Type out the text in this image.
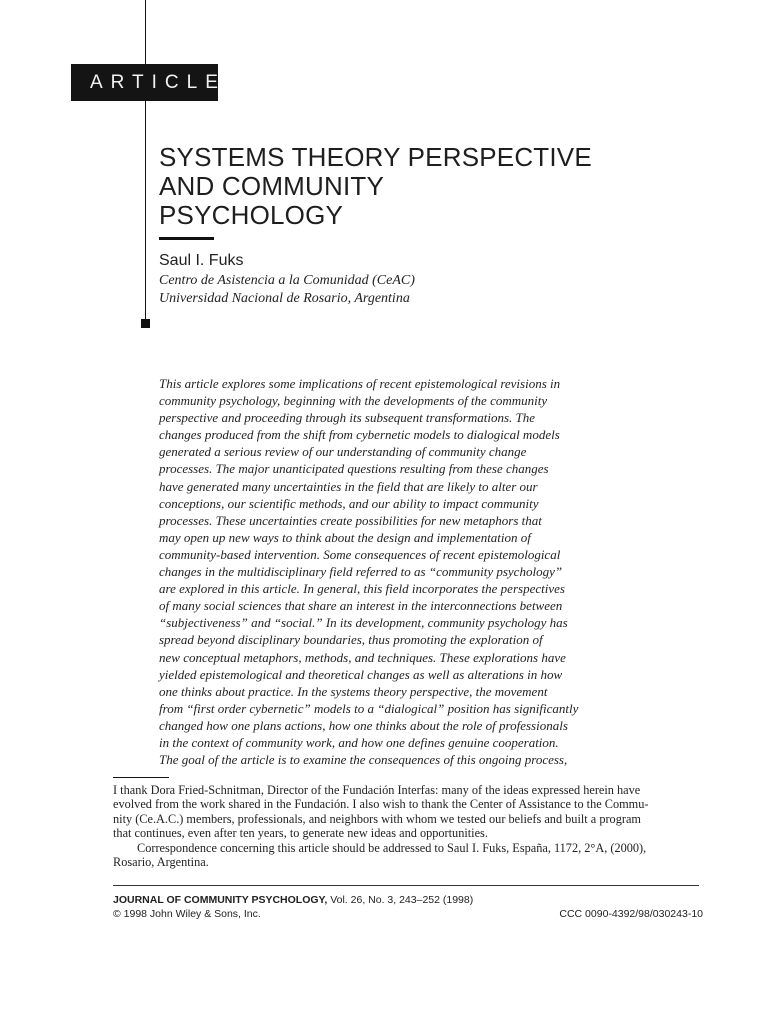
ARTICLE
SYSTEMS THEORY PERSPECTIVE
AND COMMUNITY
PSYCHOLOGY
Saul I. Fuks
Centro de Asistencia a la Comunidad (CeAC)
Universidad Nacional de Rosario, Argentina
This article explores some implications of recent epistemological revisions in
community psychology, beginning with the developments of the community
perspective and proceeding through its subsequent transformations. The
changes produced from the shift from cybernetic models to dialogical models
generated a serious review of our understanding of community change
processes. The major unanticipated questions resulting from these changes
have generated many uncertainties in the field that are likely to alter our
conceptions, our scientific methods, and our ability to impact community
processes. These uncertainties create possibilities for new metaphors that
may open up new ways to think about the design and implementation of
community-based intervention. Some consequences of recent epistemological
changes in the multidisciplinary field referred to as “community psychology”
are explored in this article. In general, this field incorporates the perspectives
of many social sciences that share an interest in the interconnections between
“subjectiveness” and “social.” In its development, community psychology has
spread beyond disciplinary boundaries, thus promoting the exploration of
new conceptual metaphors, methods, and techniques. These explorations have
yielded epistemological and theoretical changes as well as alterations in how
one thinks about practice. In the systems theory perspective, the movement
from “first order cybernetic” models to a “dialogical” position has significantly
changed how one plans actions, how one thinks about the role of professionals
in the context of community work, and how one defines genuine cooperation.
The goal of the article is to examine the consequences of this ongoing process,
I thank Dora Fried-Schnitman, Director of the Fundación Interfas: many of the ideas expressed herein have
evolved from the work shared in the Fundación. I also wish to thank the Center of Assistance to the Commu-
nity (Ce.A.C.) members, professionals, and neighbors with whom we tested our beliefs and built a program
that continues, even after ten years, to generate new ideas and opportunities.
Correspondence concerning this article should be addressed to Saul I. Fuks, España, 1172, 2°A, (2000),
Rosario, Argentina.
JOURNAL OF COMMUNITY PSYCHOLOGY, Vol. 26, No. 3, 243–252 (1998)
© 1998 John Wiley & Sons, Inc.	CCC 0090-4392/98/030243-10
